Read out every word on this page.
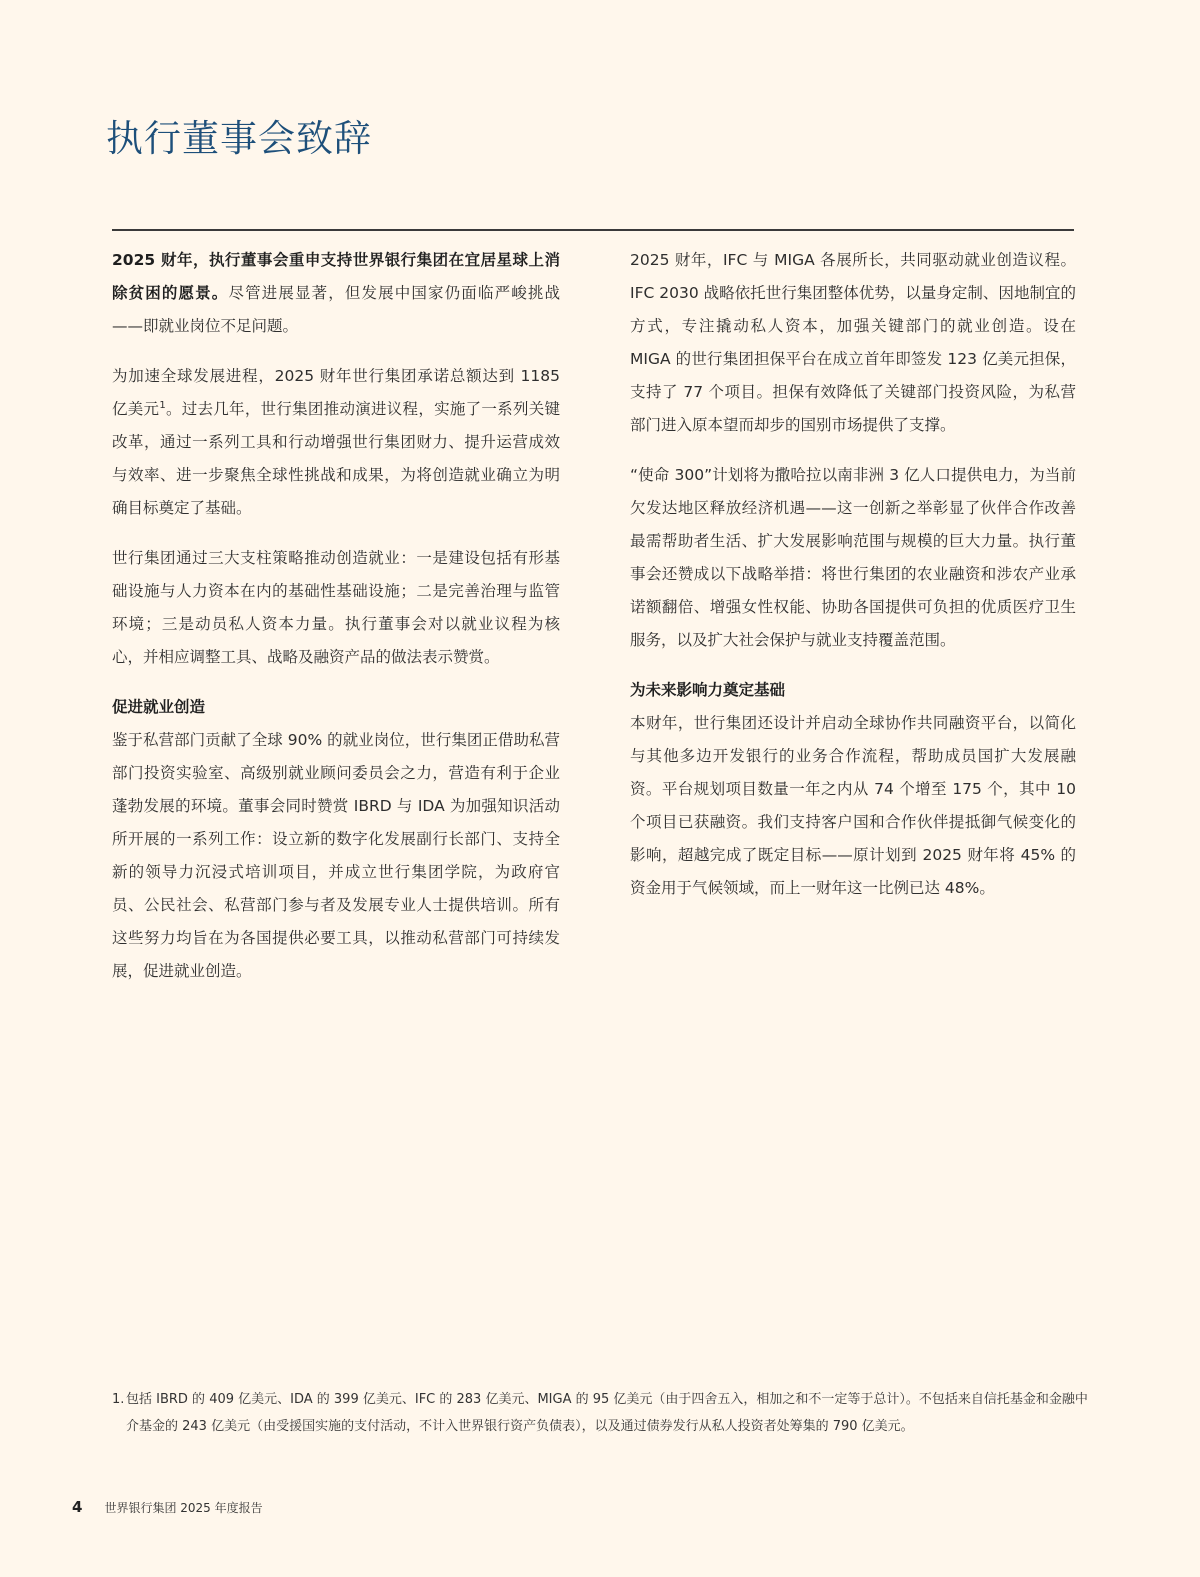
执行董事会致辞

2025 财年，执行董事会重申支持世界银行集团在宜居星球上消除贫困的愿景。尽管进展显著，但发展中国家仍面临严峻挑战——即就业岗位不足问题。

为加速全球发展进程，2025 财年世行集团承诺总额达到 1185 亿美元$^1$。过去几年，世行集团推动演进议程，实施了一系列关键改革，通过一系列工具和行动增强世行集团财力、提升运营成效与效率、进一步聚焦全球性挑战和成果，为将创造就业确立为明确目标奠定了基础。

世行集团通过三大支柱策略推动创造就业：一是建设包括有形基础设施与人力资本在内的基础性基础设施；二是完善治理与监管环境；三是动员私人资本力量。执行董事会对以就业议程为核心，并相应调整工具、战略及融资产品的做法表示赞赏。

促进就业创造

鉴于私营部门贡献了全球 90% 的就业岗位，世行集团正借助私营部门投资实验室、高级别就业顾问委员会之力，营造有利于企业蓬勃发展的环境。董事会同时赞赏 IBRD 与 IDA 为加强知识活动所开展的一系列工作：设立新的数字化发展副行长部门、支持全新的领导力沉浸式培训项目，并成立世行集团学院，为政府官员、公民社会、私营部门参与者及发展专业人士提供培训。所有这些努力均旨在为各国提供必要工具，以推动私营部门可持续发展，促进就业创造。

2025 财年，IFC 与 MIGA 各展所长，共同驱动就业创造议程。IFC 2030 战略依托世行集团整体优势，以量身定制、因地制宜的方式，专注撬动私人资本，加强关键部门的就业创造。设在 MIGA 的世行集团担保平台在成立首年即签发 123 亿美元担保，支持了 77 个项目。担保有效降低了关键部门投资风险，为私营部门进入原本望而却步的国别市场提供了支撑。

“使命 300”计划将为撒哈拉以南非洲 3 亿人口提供电力，为当前欠发达地区释放经济机遇——这一创新之举彰显了伙伴合作改善最需帮助者生活、扩大发展影响范围与规模的巨大力量。执行董事会还赞成以下战略举措：将世行集团的农业融资和涉农产业承诺额翻倍、增强女性权能、协助各国提供可负担的优质医疗卫生服务，以及扩大社会保护与就业支持覆盖范围。

为未来影响力奠定基础

本财年，世行集团还设计并启动全球协作共同融资平台，以简化与其他多边开发银行的业务合作流程，帮助成员国扩大发展融资。平台规划项目数量一年之内从 74 个增至 175 个，其中 10 个项目已获融资。我们支持客户国和合作伙伴提抵御气候变化的影响，超越完成了既定目标——原计划到 2025 财年将 45% 的资金用于气候领域，而上一财年这一比例已达 48%。

1. 包括 IBRD 的 409 亿美元、IDA 的 399 亿美元、IFC 的 283 亿美元、MIGA 的 95 亿美元（由于四舍五入，相加之和不一定等于总计）。不包括来自信托基金和金融中介基金的 243 亿美元（由受援国实施的支付活动，不计入世界银行资产负债表），以及通过债券发行从私人投资者处筹集的 790 亿美元。
4 世界银行集团 2025 年度报告
